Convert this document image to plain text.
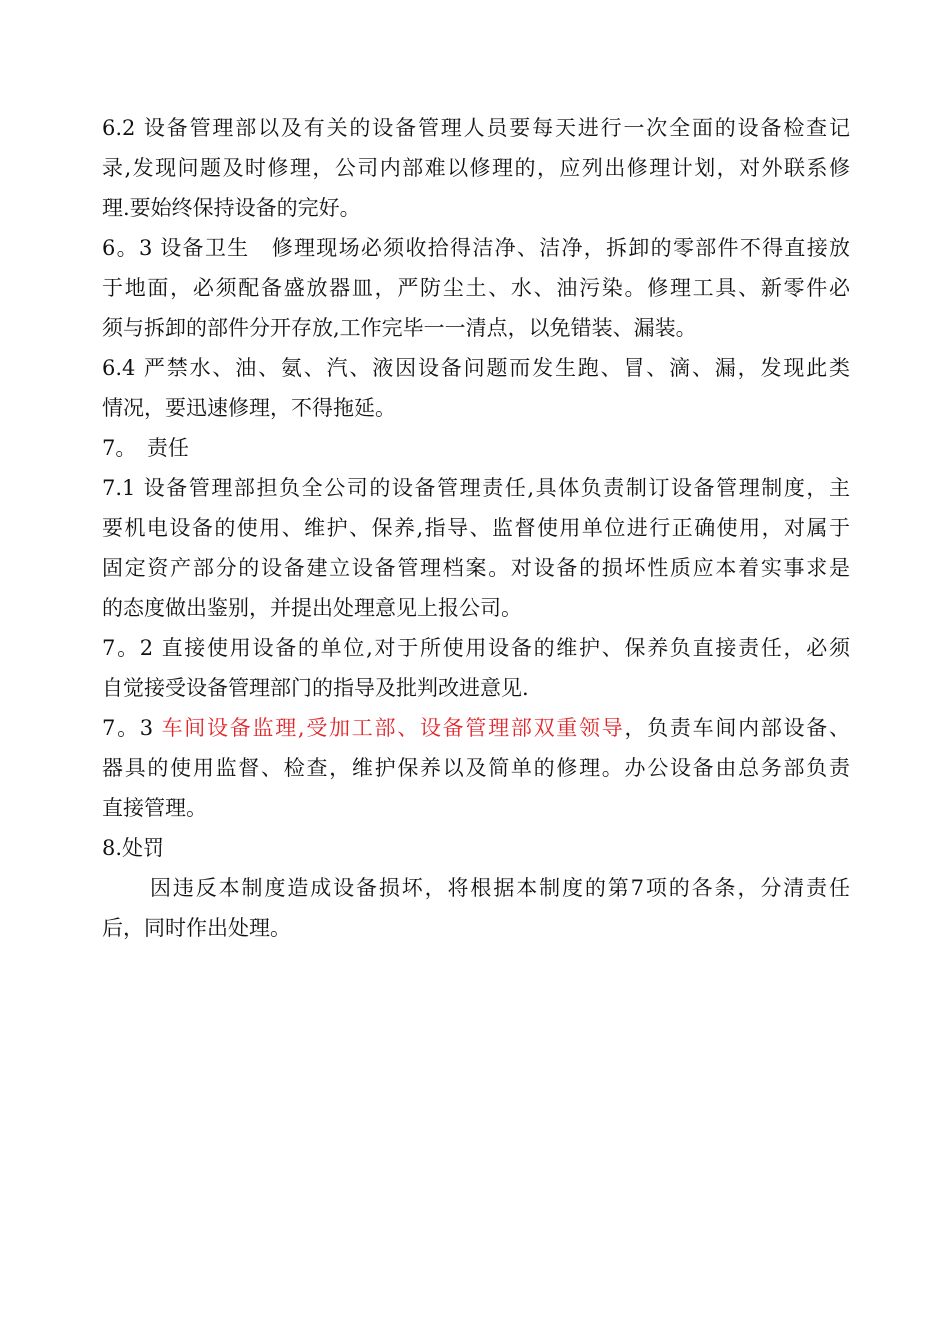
6.2 设备管理部以及有关的设备管理人员要每天进行一次全面的设备检查记
录,发现问题及时修理，公司内部难以修理的，应列出修理计划，对外联系修
理.要始终保持设备的完好。
6。3 设备卫生　修理现场必须收拾得洁净、洁净，拆卸的零部件不得直接放
于地面，必须配备盛放器皿，严防尘土、水、油污染。修理工具、新零件必
须与拆卸的部件分开存放,工作完毕一一清点，以免错装、漏装。
6.4 严禁水、油、氨、汽、液因设备问题而发生跑、冒、滴、漏，发现此类
情况，要迅速修理，不得拖延。
7。　责任
7.1 设备管理部担负全公司的设备管理责任,具体负责制订设备管理制度，主
要机电设备的使用、维护、保养,指导、监督使用单位进行正确使用，对属于
固定资产部分的设备建立设备管理档案。对设备的损坏性质应本着实事求是
的态度做出鉴别，并提出处理意见上报公司。
7。2 直接使用设备的单位,对于所使用设备的维护、保养负直接责任，必须
自觉接受设备管理部门的指导及批判改进意见.
7。3 车间设备监理,受加工部、设备管理部双重领导，负责车间内部设备、
器具的使用监督、检查，维护保养以及简单的修理。办公设备由总务部负责
直接管理。
8.处罚
因违反本制度造成设备损坏，将根据本制度的第7项的各条，分清责任
后，同时作出处理。
